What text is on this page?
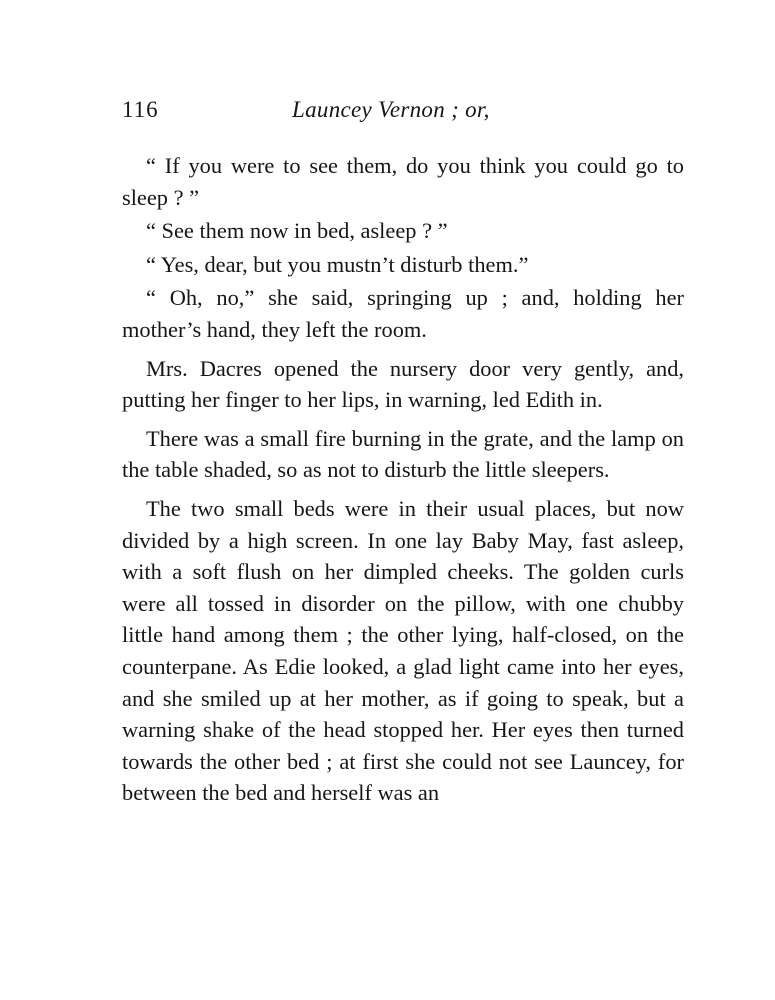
116	Launcey Vernon ; or,

“ If you were to see them, do you think you could go to sleep ? ”

“ See them now in bed, asleep ? ”

“ Yes, dear, but you mustn’t disturb them.”

“ Oh, no,” she said, springing up ; and, holding her mother’s hand, they left the room.

Mrs. Dacres opened the nursery door very gently, and, putting her finger to her lips, in warning, led Edith in.

There was a small fire burning in the grate, and the lamp on the table shaded, so as not to disturb the little sleepers.

The two small beds were in their usual places, but now divided by a high screen. In one lay Baby May, fast asleep, with a soft flush on her dimpled cheeks. The golden curls were all tossed in disorder on the pillow, with one chubby little hand among them ; the other lying, half-closed, on the counterpane. As Edie looked, a glad light came into her eyes, and she smiled up at her mother, as if going to speak, but a warning shake of the head stopped her. Her eyes then turned towards the other bed ; at first she could not see Launcey, for between the bed and herself was an
